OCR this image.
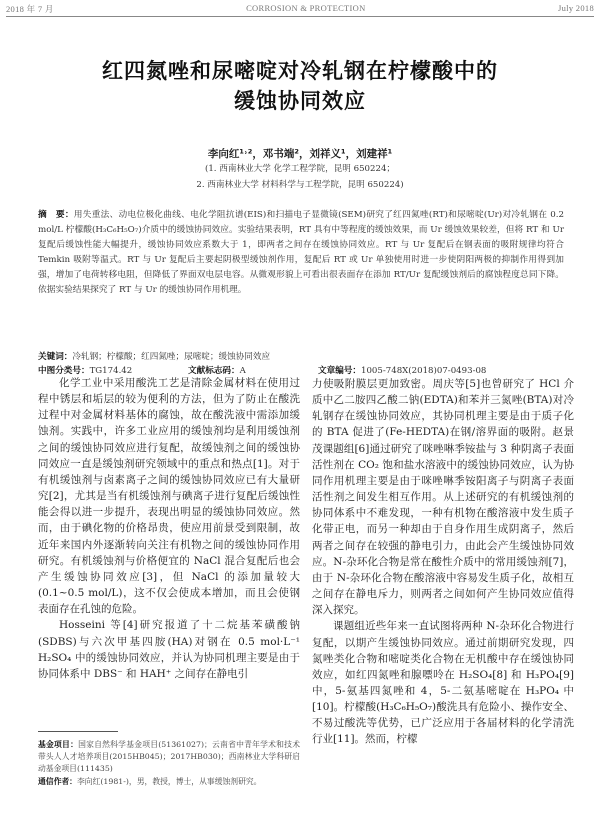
2018 年 7 月	CORROSION & PROTECTION	July 2018
红四氮唑和尿嘧啶对冷轧钢在柠檬酸中的
缓蚀协同效应
李向红¹˒²，邓书端²，刘祥义¹，刘建祥¹
(1. 西南林业大学 化学工程学院，昆明 650224；
2. 西南林业大学 材料科学与工程学院，昆明 650224)
摘　要：用失重法、动电位极化曲线、电化学阻抗谱(EIS)和扫描电子显微镜(SEM)研究了红四氮唑(RT)和尿嘧啶(Ur)对冷轧钢在 0.2 mol/L 柠檬酸(H₃C₆H₅O₇)介质中的缓蚀协同效应。实验结果表明，RT 具有中等程度的缓蚀效果，而 Ur 缓蚀效果较差，但将 RT 和 Ur 复配后缓蚀性能大幅提升，缓蚀协同效应系数大于 1，即两者之间存在缓蚀协同效应。RT 与 Ur 复配后在钢表面的吸附规律均符合 Temkin 吸附等温式。RT 与 Ur 复配后主要起阴极型缓蚀剂作用，复配后 RT 或 Ur 单独使用时进一步使阴阳两极的抑制作用得到加强，增加了电荷转移电阻，但降低了界面双电层电容。从微观形貌上可看出很表面存在添加 RT/Ur 复配缓蚀剂后的腐蚀程度总同下降。依据实验结果探究了 RT 与 Ur 的缓蚀协同作用机理。
关键词：冷轧钢；柠檬酸；红四氮唑；尿嘧啶；缓蚀协同效应
中图分类号：TG174.42	文献标志码：A	文章编号：1005-748X(2018)07-0493-08

化学工业中采用酸洗工艺是清除金属材料在使用过程中锈层和垢层的较为便利的方法，但为了防止在酸洗过程中对金属材料基体的腐蚀，故在酸洗液中需添加缓蚀剂。实践中，许多工业应用的缓蚀剂均是利用缓蚀剂之间的缓蚀协同效应进行复配，故缓蚀剂之间的缓蚀协同效应一直是缓蚀剂研究领域中的重点和热点[1]。对于有机缓蚀剂与卤素离子之间的缓蚀协同效应已有大量研究[2]，尤其是当有机缓蚀剂与碘离子进行复配后缓蚀性能会得以进一步提升，表现出明显的缓蚀协同效应。然而，由于碘化物的价格昂贵，使应用前景受到限制，故近年来国内外逐渐转向关注有机物之间的缓蚀协同作用研究。有机缓蚀剂与价格便宜的 NaCl 混合复配后也会产生缓蚀协同效应[3]，但 NaCl 的添加量较大(0.1~0.5 mol/L)，这不仅会使成本增加，而且会使钢表面存在孔蚀的危险。

Hosseini 等[4]研究报道了十二烷基苯磺酸钠(SDBS)与六次甲基四胺(HA)对钢在 0.5 mol·L⁻¹ H₂SO₄ 中的缓蚀协同效应，并认为协同机理主要是由于协同体系中 DBS⁻ 和 HAH⁺ 之间存在静电引

力使吸附膜层更加致密。周庆等[5]也曾研究了 HCl 介质中乙二胺四乙酸二钠(EDTA)和苯并三氮唑(BTA)对冷轧钢存在缓蚀协同效应，其协同机理主要是由于质子化的 BTA 促进了(Fe-HEDTA)在钢/溶界面的吸附。赵景茂课题组[6]通过研究了咪唑啉季铵盐与 3 种阴离子表面活性剂在 CO₂ 饱和盐水溶液中的缓蚀协同效应，认为协同作用机理主要是由于咪唑啉季铵阳离子与阴离子表面活性剂之间发生相互作用。从上述研究的有机缓蚀剂的协同体系中不难发现，一种有机物在酸溶液中发生质子化带正电，而另一种却由于自身作用生成阴离子，然后两者之间存在较强的静电引力，由此会产生缓蚀协同效应。N-杂环化合物是常在酸性介质中的常用缓蚀剂[7]，由于 N-杂环化合物在酸溶液中容易发生质子化，故相互之间存在静电斥力，则两者之间如何产生协同效应值得深入探究。

课题组近些年来一直试图将两种 N-杂环化合物进行复配，以期产生缓蚀协同效应。通过前期研究发现，四氮唑类化合物和嘧啶类化合物在无机酸中存在缓蚀协同效应，如红四氮唑和腺嘌呤在 H₂SO₄[8] 和 H₃PO₄[9] 中，5-氨基四氮唑和 4，5-二氨基嘧啶在 H₃PO₄ 中[10]。柠檬酸(H₃C₆H₅O₇)酸洗具有危险小、操作安全、不易过酸洗等优势，已广泛应用于各届材料的化学清洗行业[11]。然而，柠檬

基金项目：国家自然科学基金项目(51361027)；云南省中青年学术和技术带头人人才培养项目(2015HB045)；2017HB030)；西南林业大学科研启动基金项目(111435)

通信作者：李向红(1981-)，男，教授，博士，从事缓蚀剂研究。
